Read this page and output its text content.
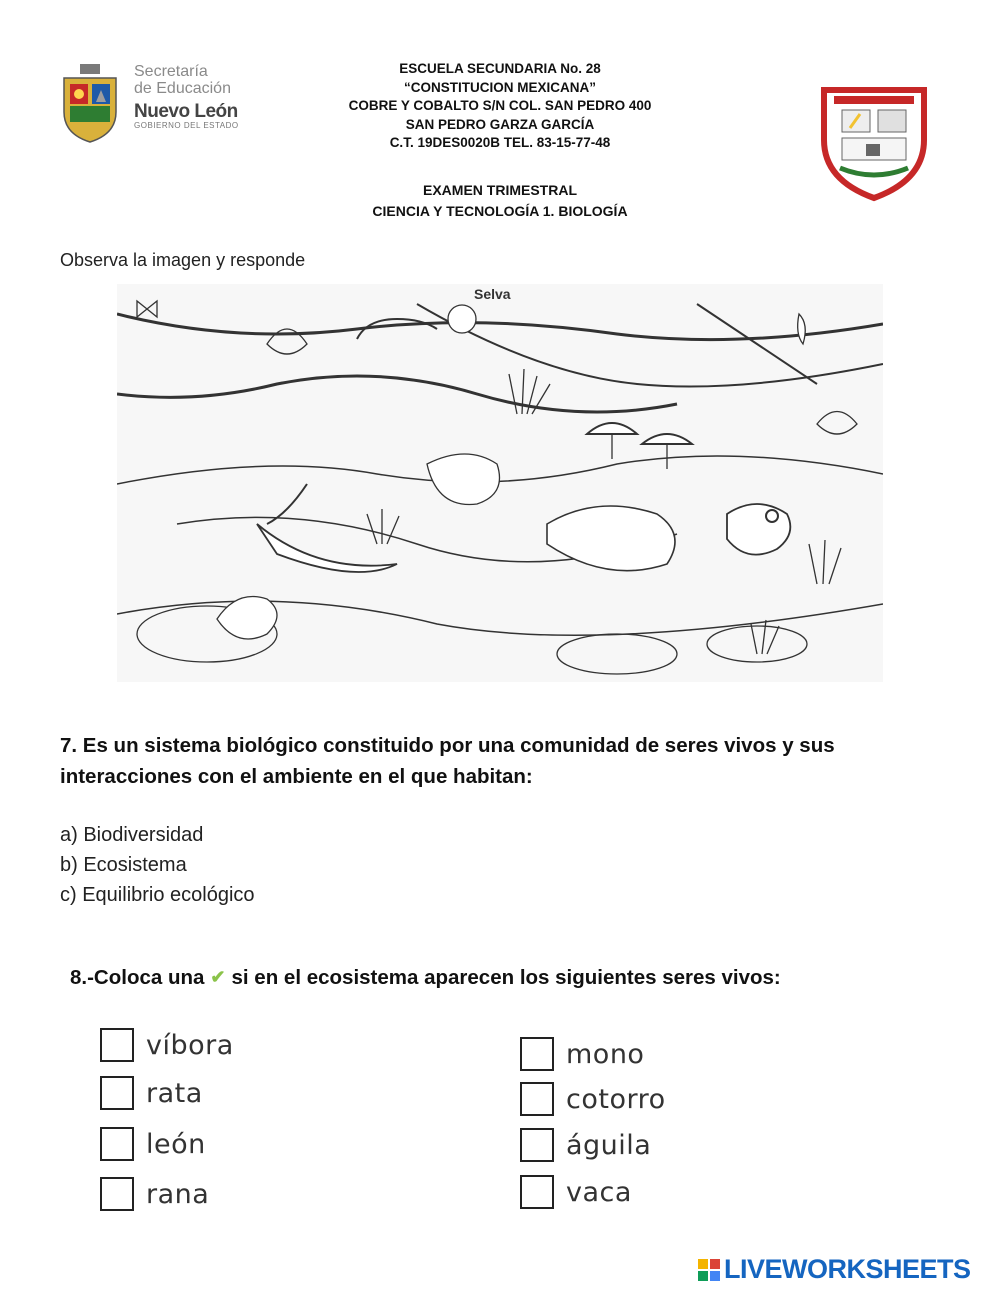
Secretaría
de Educación
Nuevo León
GOBIERNO DEL ESTADO
ESCUELA SECUNDARIA No. 28
“CONSTITUCION MEXICANA”
COBRE Y COBALTO S/N COL. SAN PEDRO 400
SAN PEDRO GARZA GARCÍA
C.T. 19DES0020B TEL. 83-15-77-48
EXAMEN TRIMESTRAL
CIENCIA Y TECNOLOGÍA 1. BIOLOGÍA
Observa la imagen y responde
Selva
7. Es un sistema biológico constituido por una comunidad de seres vivos y sus interacciones con el ambiente en el que habitan:
a) Biodiversidad
b) Ecosistema
c) Equilibrio ecológico
8.-Coloca una ✔ si en el ecosistema aparecen los siguientes seres vivos:
víbora
rata
león
rana
mono
cotorro
águila
vaca
LIVEWORKSHEETS
